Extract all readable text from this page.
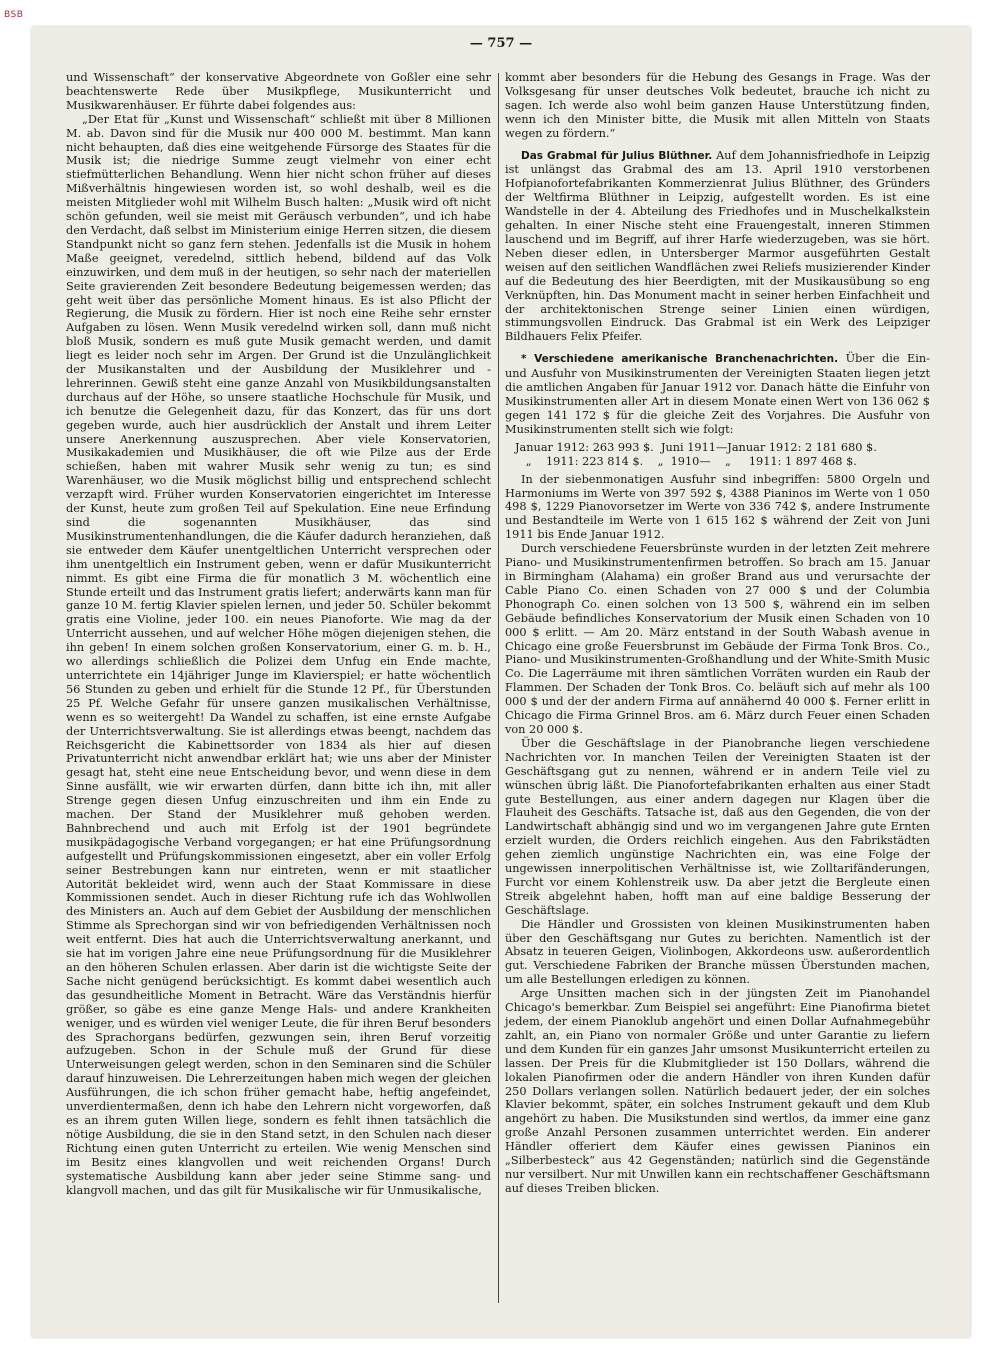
BSB
— 757 —

und Wissenschaft“ der konservative Abgeordnete von Goßler eine sehr beachtenswerte Rede über Musikpflege, Musikunterricht und Musikwarenhäuser. Er führte dabei folgendes aus:

„Der Etat für „Kunst und Wissenschaft“ schließt mit über 8 Millionen M. ab. Davon sind für die Musik nur 400 000 M. bestimmt. Man kann nicht behaupten, daß dies eine weitgehende Fürsorge des Staates für die Musik ist; die niedrige Summe zeugt vielmehr von einer echt stiefmütterlichen Behandlung. Wenn hier nicht schon früher auf dieses Mißverhältnis hingewiesen worden ist, so wohl deshalb, weil es die meisten Mitglieder wohl mit Wilhelm Busch halten: „Musik wird oft nicht schön gefunden, weil sie meist mit Geräusch verbunden“, und ich habe den Verdacht, daß selbst im Ministerium einige Herren sitzen, die diesem Standpunkt nicht so ganz fern stehen. Jedenfalls ist die Musik in hohem Maße geeignet, veredelnd, sittlich hebend, bildend auf das Volk einzuwirken, und dem muß in der heutigen, so sehr nach der materiellen Seite gravierenden Zeit besondere Bedeutung beigemessen werden; das geht weit über das persönliche Moment hinaus. Es ist also Pflicht der Regierung, die Musik zu fördern. Hier ist noch eine Reihe sehr ernster Aufgaben zu lösen. Wenn Musik veredelnd wirken soll, dann muß nicht bloß Musik, sondern es muß gute Musik gemacht werden, und damit liegt es leider noch sehr im Argen. Der Grund ist die Unzulänglichkeit der Musikanstalten und der Ausbildung der Musiklehrer und -lehrerinnen. Gewiß steht eine ganze Anzahl von Musikbildungsanstalten durchaus auf der Höhe, so unsere staatliche Hochschule für Musik, und ich benutze die Gelegenheit dazu, für das Konzert, das für uns dort gegeben wurde, auch hier ausdrücklich der Anstalt und ihrem Leiter unsere Anerkennung auszusprechen. Aber viele Konservatorien, Musikakademien und Musikhäuser, die oft wie Pilze aus der Erde schießen, haben mit wahrer Musik sehr wenig zu tun; es sind Warenhäuser, wo die Musik möglichst billig und entsprechend schlecht verzapft wird. Früher wurden Konservatorien eingerichtet im Interesse der Kunst, heute zum großen Teil auf Spekulation. Eine neue Erfindung sind die sogenannten Musikhäuser, das sind Musikinstrumentenhandlungen, die die Käufer dadurch heranziehen, daß sie entweder dem Käufer unentgeltlichen Unterricht versprechen oder ihm unentgeltlich ein Instrument geben, wenn er dafür Musikunterricht nimmt. Es gibt eine Firma die für monatlich 3 M. wöchentlich eine Stunde erteilt und das Instrument gratis liefert; anderwärts kann man für ganze 10 M. fertig Klavier spielen lernen, und jeder 50. Schüler bekommt gratis eine Violine, jeder 100. ein neues Pianoforte. Wie mag da der Unterricht aussehen, und auf welcher Höhe mögen diejenigen stehen, die ihn geben! In einem solchen großen Konservatorium, einer G. m. b. H., wo allerdings schließlich die Polizei dem Unfug ein Ende machte, unterrichtete ein 14jähriger Junge im Klavierspiel; er hatte wöchentlich 56 Stunden zu geben und erhielt für die Stunde 12 Pf., für Überstunden 25 Pf. Welche Gefahr für unsere ganzen musikalischen Verhältnisse, wenn es so weitergeht! Da Wandel zu schaffen, ist eine ernste Aufgabe der Unterrichtsverwaltung. Sie ist allerdings etwas beengt, nachdem das Reichsgericht die Kabinettsorder von 1834 als hier auf diesen Privatunterricht nicht anwendbar erklärt hat; wie uns aber der Minister gesagt hat, steht eine neue Entscheidung bevor, und wenn diese in dem Sinne ausfällt, wie wir erwarten dürfen, dann bitte ich ihn, mit aller Strenge gegen diesen Unfug einzuschreiten und ihm ein Ende zu machen. Der Stand der Musiklehrer muß gehoben werden. Bahnbrechend und auch mit Erfolg ist der 1901 begründete musikpädagogische Verband vorgegangen; er hat eine Prüfungsordnung aufgestellt und Prüfungskommissionen eingesetzt, aber ein voller Erfolg seiner Bestrebungen kann nur eintreten, wenn er mit staatlicher Autorität bekleidet wird, wenn auch der Staat Kommissare in diese Kommissionen sendet. Auch in dieser Richtung rufe ich das Wohlwollen des Ministers an. Auch auf dem Gebiet der Ausbildung der menschlichen Stimme als Sprechorgan sind wir von befriedigenden Verhältnissen noch weit entfernt. Dies hat auch die Unterrichtsverwaltung anerkannt, und sie hat im vorigen Jahre eine neue Prüfungsordnung für die Musiklehrer an den höheren Schulen erlassen. Aber darin ist die wichtigste Seite der Sache nicht genügend berücksichtigt. Es kommt dabei wesentlich auch das gesundheitliche Moment in Betracht. Wäre das Verständnis hierfür größer, so gäbe es eine ganze Menge Hals- und andere Krankheiten weniger, und es würden viel weniger Leute, die für ihren Beruf besonders des Sprachorgans bedürfen, gezwungen sein, ihren Beruf vorzeitig aufzugeben. Schon in der Schule muß der Grund für diese Unterweisungen gelegt werden, schon in den Seminaren sind die Schüler darauf hinzuweisen. Die Lehrerzeitungen haben mich wegen der gleichen Ausführungen, die ich schon früher gemacht habe, heftig angefeindet, unverdientermaßen, denn ich habe den Lehrern nicht vorgeworfen, daß es an ihrem guten Willen liege, sondern es fehlt ihnen tatsächlich die nötige Ausbildung, die sie in den Stand setzt, in den Schulen nach dieser Richtung einen guten Unterricht zu erteilen. Wie wenig Menschen sind im Besitz eines klangvollen und weit reichenden Organs! Durch systematische Ausbildung kann aber jeder seine Stimme sang- und klangvoll machen, und das gilt für Musikalische wir für Unmusikalische,

kommt aber besonders für die Hebung des Gesangs in Frage. Was der Volksgesang für unser deutsches Volk bedeutet, brauche ich nicht zu sagen. Ich werde also wohl beim ganzen Hause Unterstützung finden, wenn ich den Minister bitte, die Musik mit allen Mitteln von Staats wegen zu fördern.“

Das Grabmal für Julius Blüthner. Auf dem Johannisfriedhofe in Leipzig ist unlängst das Grabmal des am 13. April 1910 verstorbenen Hofpianofortefabrikanten Kommerzienrat Julius Blüthner, des Gründers der Weltfirma Blüthner in Leipzig, aufgestellt worden. Es ist eine Wandstelle in der 4. Abteilung des Friedhofes und in Muschelkalkstein gehalten. In einer Nische steht eine Frauengestalt, inneren Stimmen lauschend und im Begriff, auf ihrer Harfe wiederzugeben, was sie hört. Neben dieser edlen, in Untersberger Marmor ausgeführten Gestalt weisen auf den seitlichen Wandflächen zwei Reliefs musizierender Kinder auf die Bedeutung des hier Beerdigten, mit der Musikausübung so eng Verknüpften, hin. Das Monument macht in seiner herben Einfachheit und der architektonischen Strenge seiner Linien einen würdigen, stimmungsvollen Eindruck. Das Grabmal ist ein Werk des Leipziger Bildhauers Felix Pfeifer.

* Verschiedene amerikanische Branchenachrichten. Über die Ein- und Ausfuhr von Musikinstrumenten der Vereinigten Staaten liegen jetzt die amtlichen Angaben für Januar 1912 vor. Danach hätte die Einfuhr von Musikinstrumenten aller Art in diesem Monate einen Wert von 136 062 $ gegen 141 172 $ für die gleiche Zeit des Vorjahres. Die Ausfuhr von Musikinstrumenten stellt sich wie folgt:

Januar 1912: 263 993 $.  Juni 1911—Januar 1912: 2 181 680 $.
„    1911: 223 814 $.    „  1910—    „     1911: 1 897 468 $.

In der siebenmonatigen Ausfuhr sind inbegriffen: 5800 Orgeln und Harmoniums im Werte von 397 592 $, 4388 Pianinos im Werte von 1 050 498 $, 1229 Pianovorsetzer im Werte von 336 742 $, andere Instrumente und Bestandteile im Werte von 1 615 162 $ während der Zeit von Juni 1911 bis Ende Januar 1912.

Durch verschiedene Feuersbrünste wurden in der letzten Zeit mehrere Piano- und Musikinstrumentenfirmen betroffen. So brach am 15. Januar in Birmingham (Alahama) ein großer Brand aus und verursachte der Cable Piano Co. einen Schaden von 27 000 $ und der Columbia Phonograph Co. einen solchen von 13 500 $, während ein im selben Gebäude befindliches Konservatorium der Musik einen Schaden von 10 000 $ erlitt. — Am 20. März entstand in der South Wabash avenue in Chicago eine große Feuersbrunst im Gebäude der Firma Tonk Bros. Co., Piano- und Musikinstrumenten-Großhandlung und der White-Smith Music Co. Die Lagerräume mit ihren sämtlichen Vorräten wurden ein Raub der Flammen. Der Schaden der Tonk Bros. Co. beläuft sich auf mehr als 100 000 $ und der der andern Firma auf annähernd 40 000 $. Ferner erlitt in Chicago die Firma Grinnel Bros. am 6. März durch Feuer einen Schaden von 20 000 $.

Über die Geschäftslage in der Pianobranche liegen verschiedene Nachrichten vor. In manchen Teilen der Vereinigten Staaten ist der Geschäftsgang gut zu nennen, während er in andern Teile viel zu wünschen übrig läßt. Die Pianofortefabrikanten erhalten aus einer Stadt gute Bestellungen, aus einer andern dagegen nur Klagen über die Flauheit des Geschäfts. Tatsache ist, daß aus den Gegenden, die von der Landwirtschaft abhängig sind und wo im vergangenen Jahre gute Ernten erzielt wurden, die Orders reichlich eingehen. Aus den Fabrikstädten gehen ziemlich ungünstige Nachrichten ein, was eine Folge der ungewissen innerpolitischen Verhältnisse ist, wie Zolltarifänderungen, Furcht vor einem Kohlenstreik usw. Da aber jetzt die Bergleute einen Streik abgelehnt haben, hofft man auf eine baldige Besserung der Geschäftslage.

Die Händler und Grossisten von kleinen Musikinstrumenten haben über den Geschäftsgang nur Gutes zu berichten. Namentlich ist der Absatz in teueren Geigen, Violinbogen, Akkordeons usw. außerordentlich gut. Verschiedene Fabriken der Branche müssen Überstunden machen, um alle Bestellungen erledigen zu können.

Arge Unsitten machen sich in der jüngsten Zeit im Pianohandel Chicago's bemerkbar. Zum Beispiel sei angeführt: Eine Pianofirma bietet jedem, der einem Pianoklub angehört und einen Dollar Aufnahmegebühr zahlt, an, ein Piano von normaler Größe und unter Garantie zu liefern und dem Kunden für ein ganzes Jahr umsonst Musikunterricht erteilen zu lassen. Der Preis für die Klubmitglieder ist 150 Dollars, während die lokalen Pianofirmen oder die andern Händler von ihren Kunden dafür 250 Dollars verlangen sollen. Natürlich bedauert jeder, der ein solches Klavier bekommt, später, ein solches Instrument gekauft und dem Klub angehört zu haben. Die Musikstunden sind wertlos, da immer eine ganz große Anzahl Personen zusammen unterrichtet werden. Ein anderer Händler offeriert dem Käufer eines gewissen Pianinos ein „Silberbesteck“ aus 42 Gegenständen; natürlich sind die Gegenstände nur versilbert. Nur mit Unwillen kann ein rechtschaffener Geschäftsmann auf dieses Treiben blicken.
